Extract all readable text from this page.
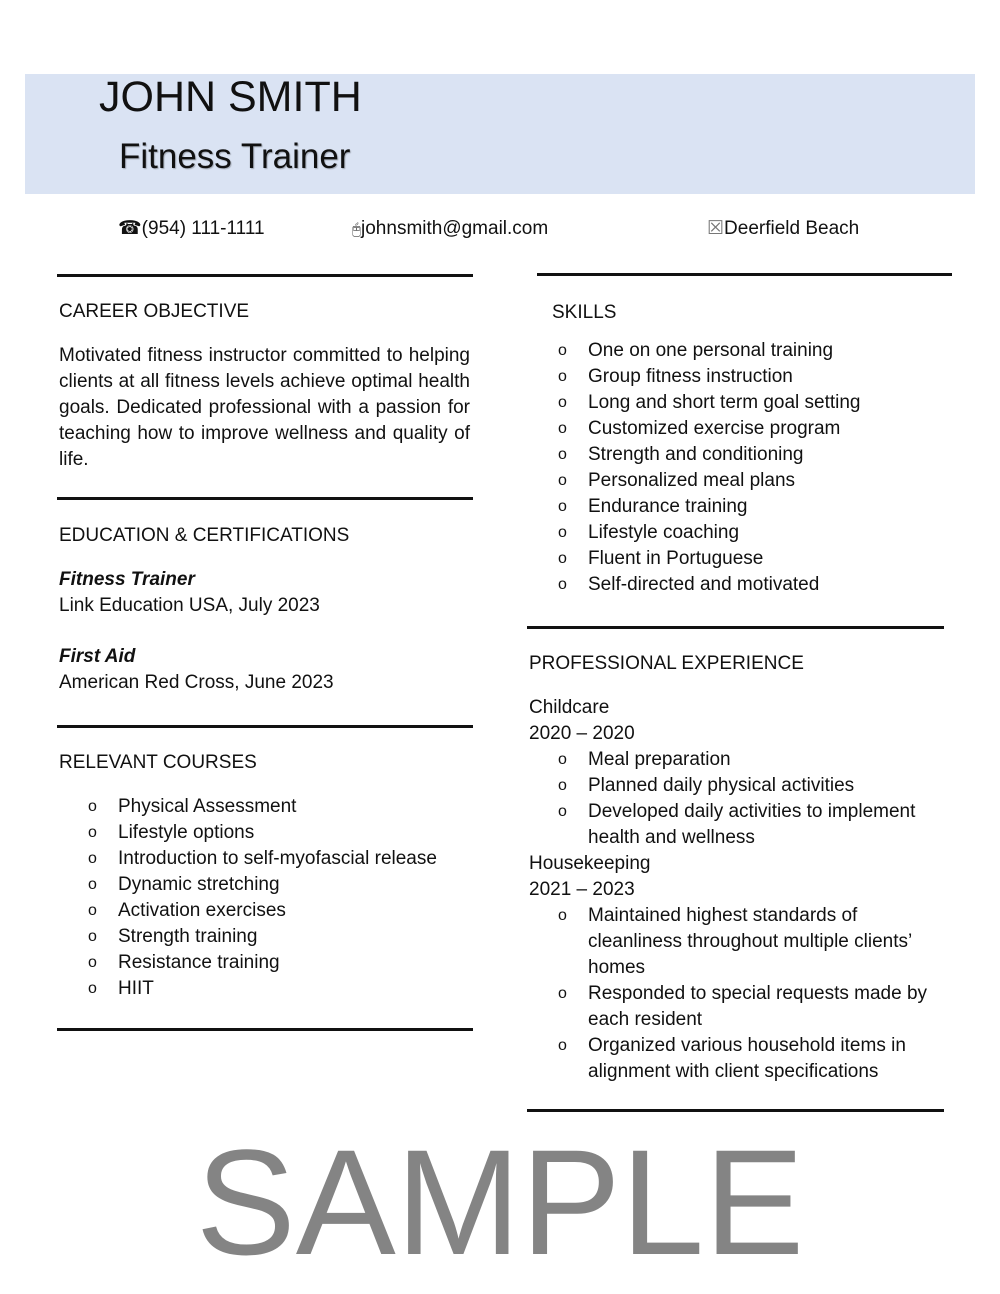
JOHN SMITH
Fitness Trainer
☎(954) 111-1111	🖰johnsmith@gmail.com	☒Deerfield Beach
CAREER OBJECTIVE
Motivated fitness instructor committed to helping clients at all fitness levels achieve optimal health goals. Dedicated professional with a passion for teaching how to improve wellness and quality of life.
EDUCATION & CERTIFICATIONS
Fitness Trainer
Link Education USA, July 2023
First Aid
American Red Cross, June 2023
RELEVANT COURSES
o Physical Assessment
o Lifestyle options
o Introduction to self-myofascial release
o Dynamic stretching
o Activation exercises
o Strength training
o Resistance training
o HIIT
SKILLS
o One on one personal training
o Group fitness instruction
o Long and short term goal setting
o Customized exercise program
o Strength and conditioning
o Personalized meal plans
o Endurance training
o Lifestyle coaching
o Fluent in Portuguese
o Self-directed and motivated
PROFESSIONAL EXPERIENCE
Childcare
2020 – 2020
o Meal preparation
o Planned daily physical activities
o Developed daily activities to implement health and wellness
Housekeeping
2021 – 2023
o Maintained highest standards of cleanliness throughout multiple clients’ homes
o Responded to special requests made by each resident
o Organized various household items in alignment with client specifications
SAMPLE
